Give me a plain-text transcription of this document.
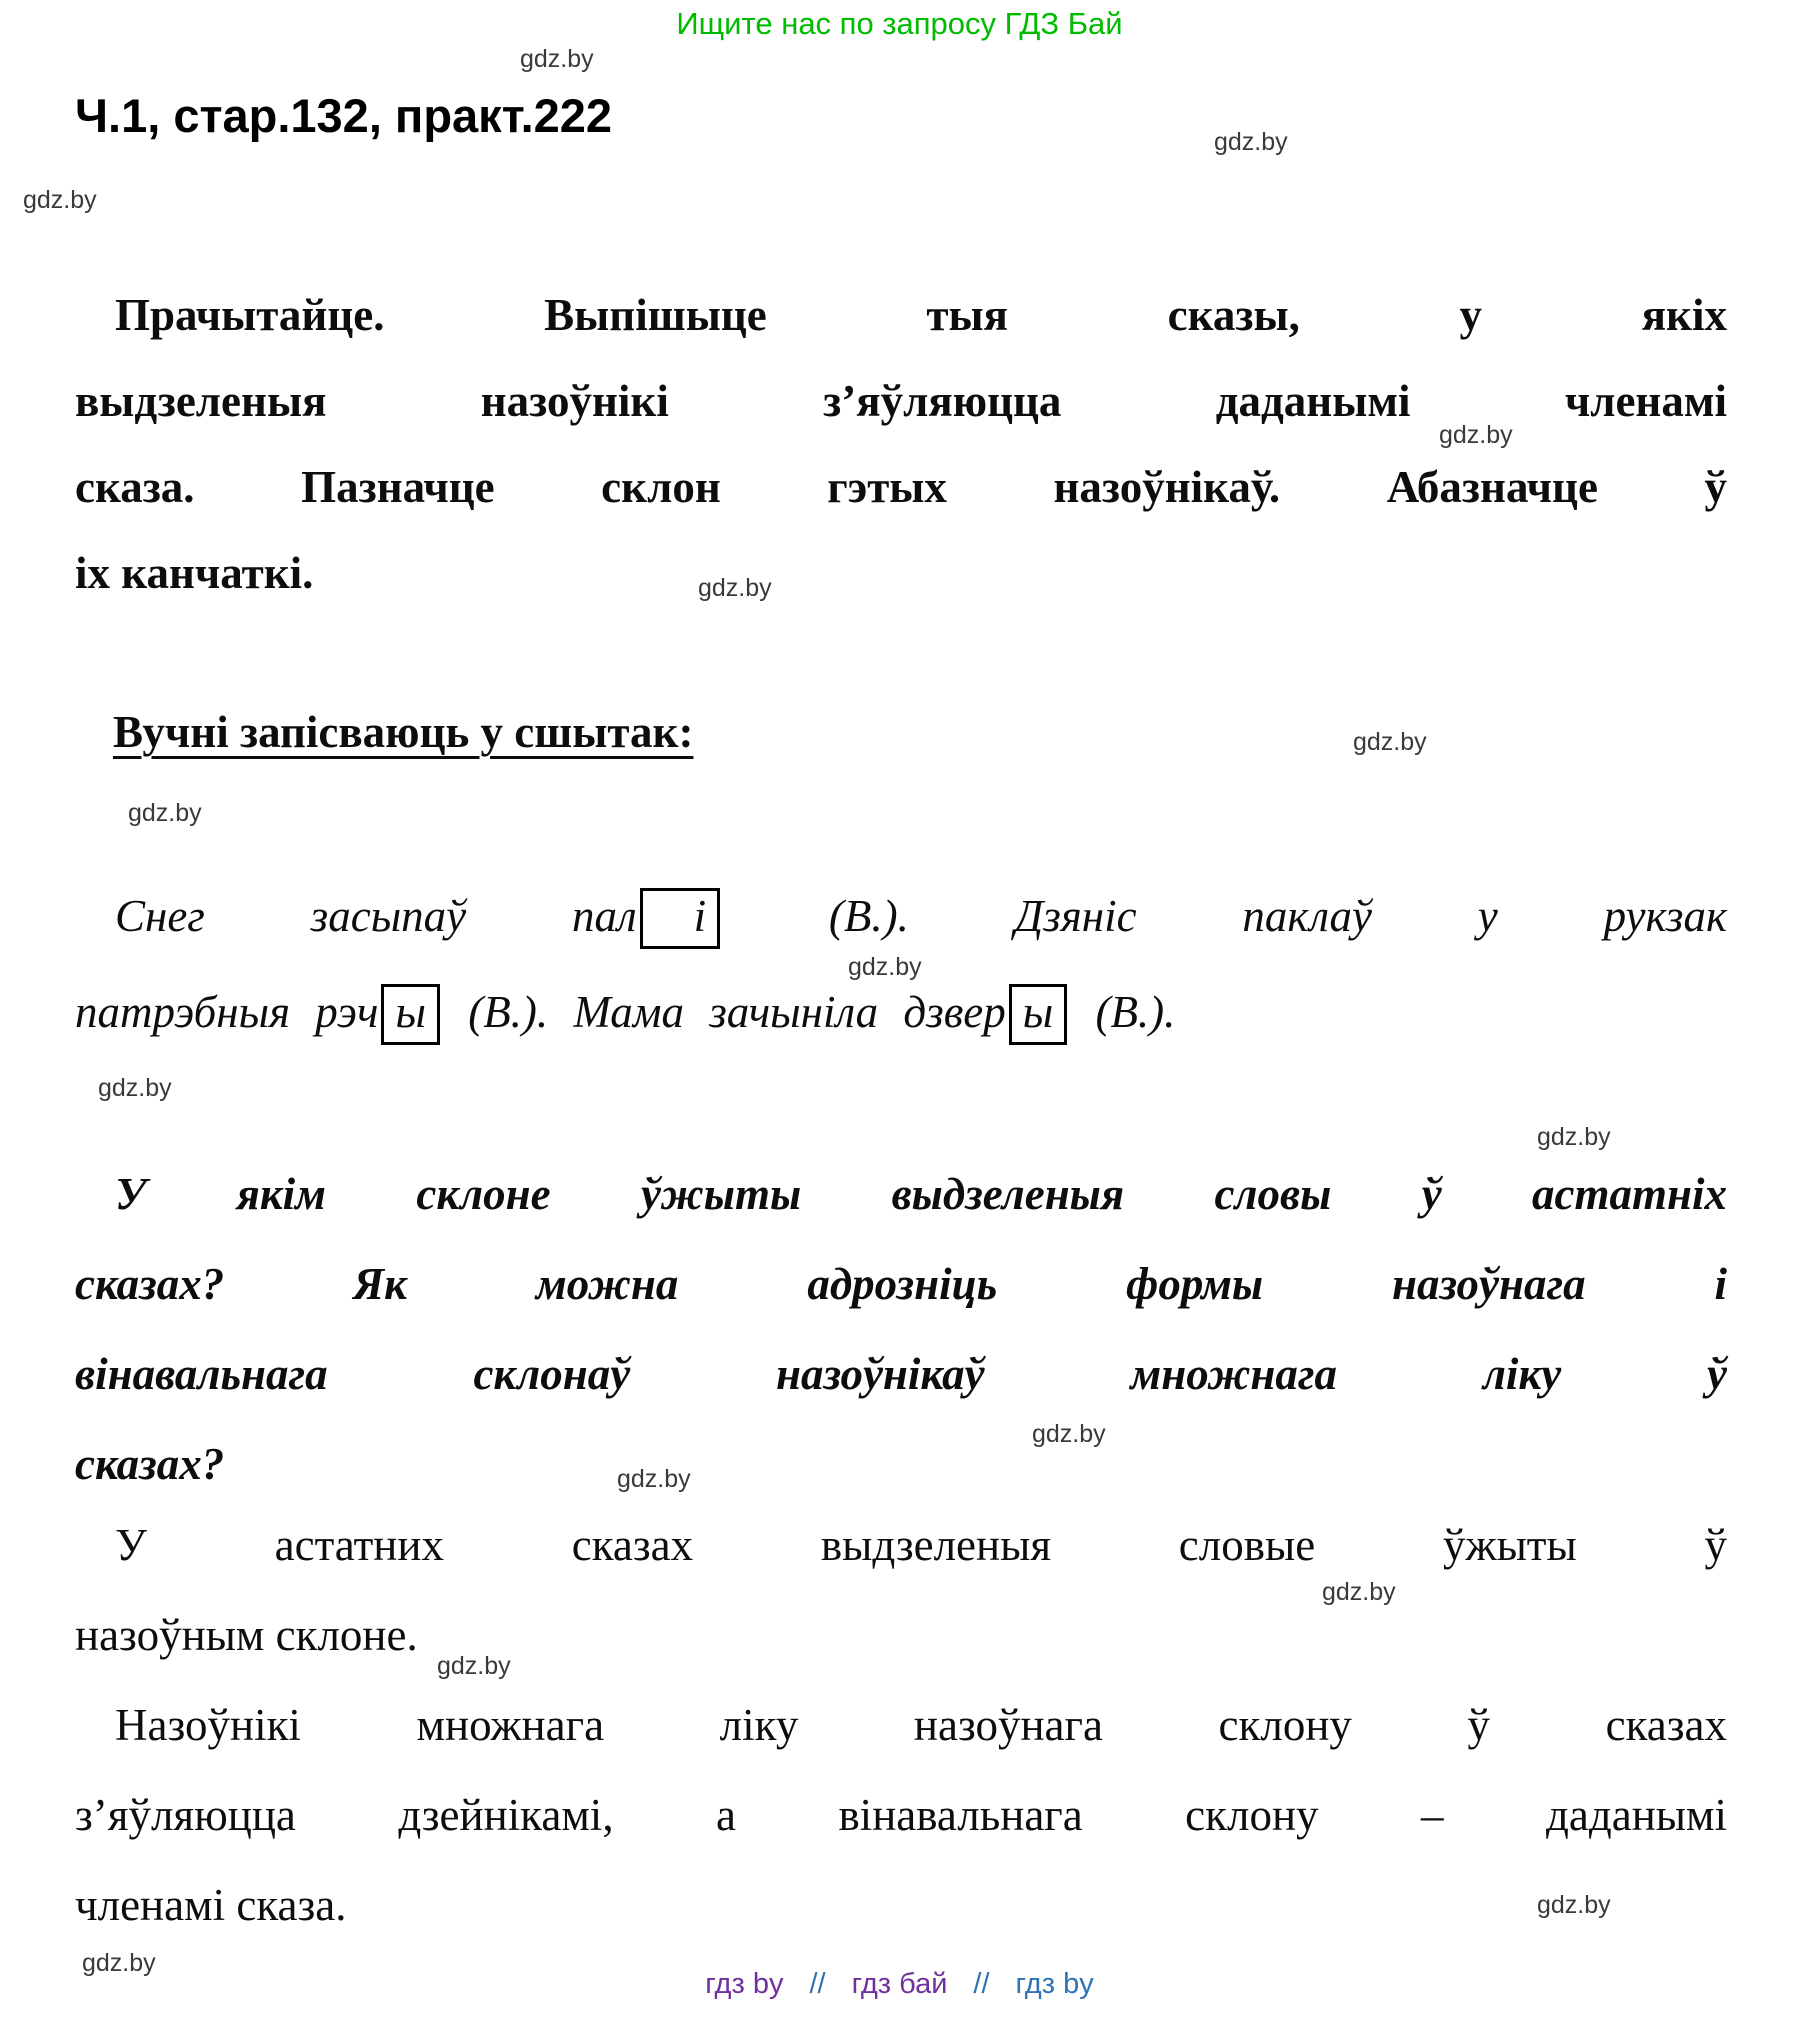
Ищите нас по запросу ГДЗ Бай
gdz.by
gdz.by
gdz.by
gdz.by
gdz.by
gdz.by
gdz.by
gdz.by
gdz.by
gdz.by
gdz.by
gdz.by
gdz.by
gdz.by
gdz.by
gdz.by
Ч.1, стар.132, практ.222
Прачытайце. Выпішыце тыя сказы, у якіх
выдзеленыя назоўнікі з’яўляюцца даданымі членамі
сказа. Пазначце склон гэтых назоўнікаў. Абазначце ў
іх канчаткі.
Вучні запісваюць у сшытак:
Снег засыпаў пал і (В.). Дзяніс паклаў у рукзак
патрэбныя рэч ы (В.). Мама зачыніла дзвер ы (В.).
У якім склоне ўжыты выдзеленыя словы ў астатніх
сказах? Як можна адрозніць формы назоўнага і
вінавальнага склонаў назоўнікаў множнага ліку ў
сказах?
У астатних сказах выдзеленыя словые ўжыты ў
назоўным склоне.
Назоўнікі множнага ліку назоўнага склону ў сказах
з’яўляюцца дзейнікамі, а вінавальнага склону – даданымі
членамі сказа.
гдз by // гдз бай // гдз by
